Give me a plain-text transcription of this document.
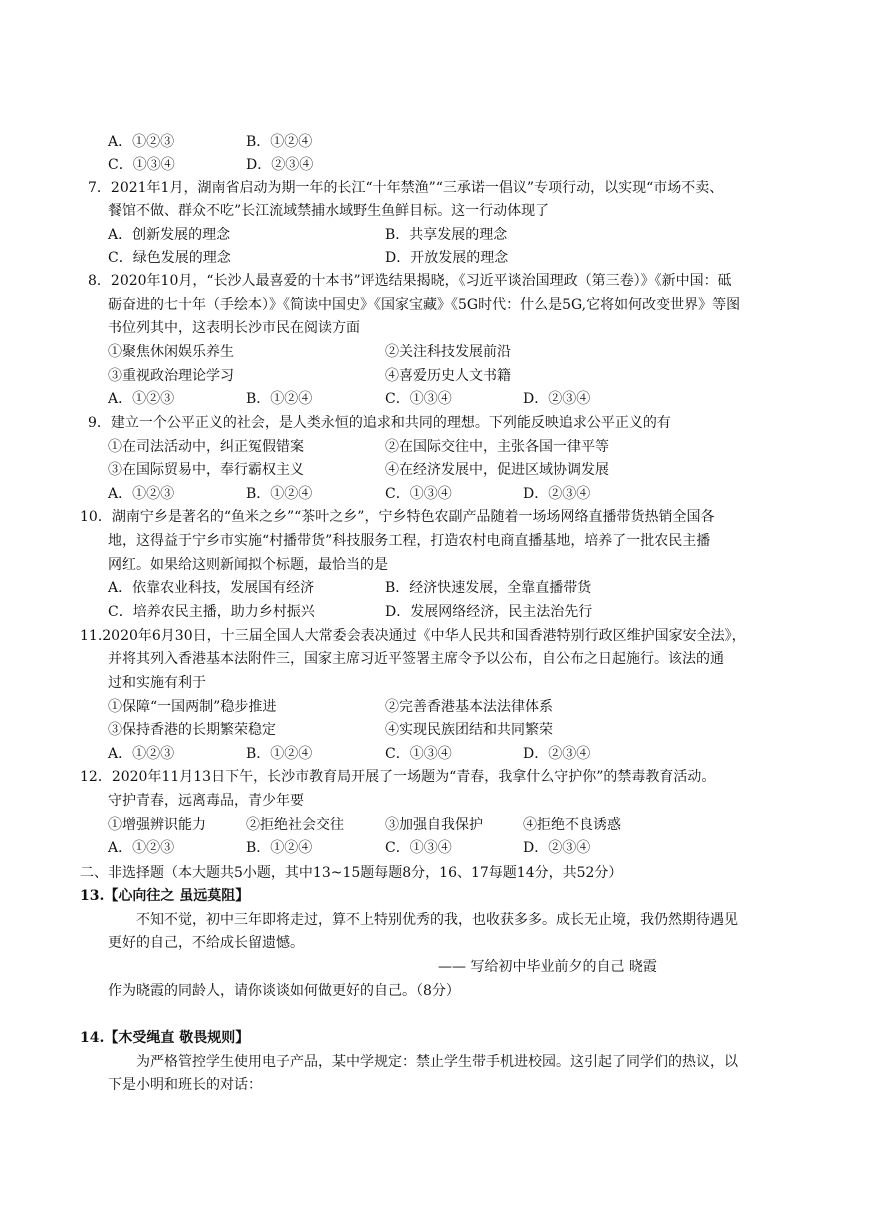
A．①②③	B．①②④
C．①③④	D．②③④
7．2021年1月，湖南省启动为期一年的长江“十年禁渔”“三承诺一倡议”专项行动，以实现“市场不卖、
餐馆不做、群众不吃”长江流域禁捕水域野生鱼鲜目标。这一行动体现了
A．创新发展的理念	B．共享发展的理念
C．绿色发展的理念	D．开放发展的理念
8．2020年10月，“长沙人最喜爱的十本书”评选结果揭晓，《习近平谈治国理政（第三卷）》《新中国：砥
砺奋进的七十年（手绘本）》《简读中国史》《国家宝藏》《5G时代：什么是5G,它将如何改变世界》等图
书位列其中，这表明长沙市民在阅读方面
①聚焦休闲娱乐养生	②关注科技发展前沿
③重视政治理论学习	④喜爱历史人文书籍
A．①②③	B．①②④	C．①③④	D．②③④
9．建立一个公平正义的社会，是人类永恒的追求和共同的理想。下列能反映追求公平正义的有
①在司法活动中，纠正冤假错案	②在国际交往中，主张各国一律平等
③在国际贸易中，奉行霸权主义	④在经济发展中，促进区域协调发展
A．①②③	B．①②④	C．①③④	D．②③④
10．湖南宁乡是著名的“鱼米之乡”“茶叶之乡”，宁乡特色农副产品随着一场场网络直播带货热销全国各
地，这得益于宁乡市实施“村播带货”科技服务工程，打造农村电商直播基地，培养了一批农民主播
网红。如果给这则新闻拟个标题，最恰当的是
A．依靠农业科技，发展国有经济	B．经济快速发展，全靠直播带货
C．培养农民主播，助力乡村振兴	D．发展网络经济，民主法治先行
11.2020年6月30日，十三届全国人大常委会表决通过《中华人民共和国香港特别行政区维护国家安全法》，
并将其列入香港基本法附件三，国家主席习近平签署主席令予以公布，自公布之日起施行。该法的通
过和实施有利于
①保障“一国两制”稳步推进	②完善香港基本法法律体系
③保持香港的长期繁荣稳定	④实现民族团结和共同繁荣
A．①②③	B．①②④	C．①③④	D．②③④
12．2020年11月13日下午，长沙市教育局开展了一场题为“青春，我拿什么守护你”的禁毒教育活动。
守护青春，远离毒品，青少年要
①增强辨识能力	②拒绝社会交往	③加强自我保护	④拒绝不良诱惑
A．①②③	B．①②④	C．①③④	D．②③④
二、非选择题（本大题共5小题，其中13~15题每题8分，16、17每题14分，共52分）
13.【心向往之 虽远莫阻】
不知不觉，初中三年即将走过，算不上特别优秀的我，也收获多多。成长无止境，我仍然期待遇见
更好的自己，不给成长留遗憾。
—— 写给初中毕业前夕的自己 晓霞
作为晓霞的同龄人，请你谈谈如何做更好的自己。（8分）
14.【木受绳直 敬畏规则】
为严格管控学生使用电子产品，某中学规定：禁止学生带手机进校园。这引起了同学们的热议，以
下是小明和班长的对话：
